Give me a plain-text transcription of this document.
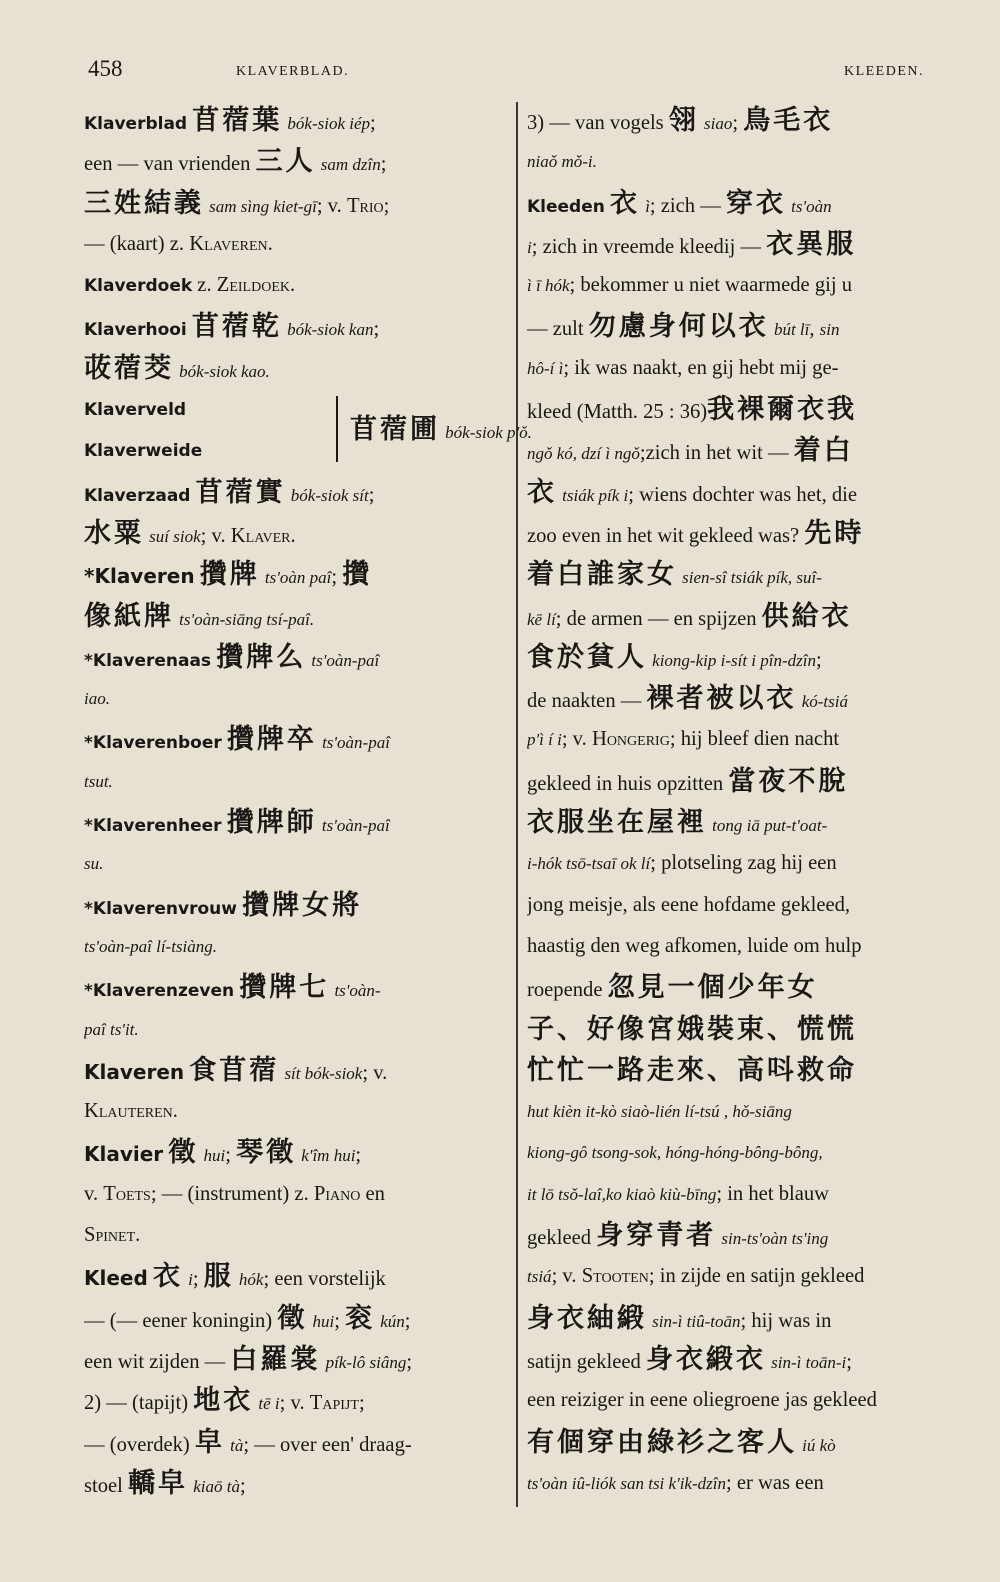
458	KLAVERBLAD.	KLEEDEN.
Klaverblad 苜蓿葉 bók-siok iép;
een — van vrienden 三人 sam dzîn;
三姓結義 sam sìng kiet-gī; v. Trio;
— (kaart) z. Klaveren.
Klaverdoek z. Zeildoek.
Klaverhooi 苜蓿乾 bók-siok kan;
荍蓿茭 bók-siok kao.
Klaverveld
Klaverweide
苜蓿圃 bók-siok p'ǒ.
Klaverzaad 苜蓿實 bók-siok sít;
水粟 suí siok; v. Klaver.
*Klaveren 攢牌 ts'oàn paî; 攢
像紙牌 ts'oàn-siāng tsí-paî.
*Klaverenaas 攢牌么 ts'oàn-paî
iao.
*Klaverenboer 攢牌卒 ts'oàn-paî
tsut.
*Klaverenheer 攢牌師 ts'oàn-paî
su.
*Klaverenvrouw 攢牌女將
ts'oàn-paî lí-tsiàng.
*Klaverenzeven 攢牌七 ts'oàn-
paî ts'it.
Klaveren 食苜蓿 sít bók-siok; v.
Klauteren.
Klavier 徵 hui; 琴徵 k'îm hui;
v. Toets; — (instrument) z. Piano en
Spinet.
Kleed 衣 i; 服 hók; een vorstelijk
— (— eener koningin) 徵 hui; 衮 kún;
een wit zijden — 白羅裳 pík-lô siâng;
2) — (tapijt) 地衣 tē i; v. Tapijt;
— (overdek) 皁 tà; — over een' draag-
stoel 轎皁 kiaō tà;
3) — van vogels 翎 siao; 鳥毛衣
niaǒ mǒ-i.
Kleeden 衣 ì; zich — 穿衣 ts'oàn
i; zich in vreemde kleedij — 衣異服
ì ī hók; bekommer u niet waarmede gij u
— zult 勿慮身何以衣 bút lī, sin
hô-í ì; ik was naakt, en gij hebt mij ge-
kleed (Matth. 25 : 36)我裸爾衣我
ngǒ kó, dzí ì ngǒ;zich in het wit — 着白
衣 tsiák pík i; wiens dochter was het, die
zoo even in het wit gekleed was? 先時
着白誰家女 sien-sî tsiák pík, suî-
kē lí; de armen — en spijzen 供給衣
食於貧人 kiong-kip i-sít i pîn-dzîn;
de naakten — 裸者被以衣 kó-tsiá
p'ì í i; v. Hongerig; hij bleef dien nacht
gekleed in huis opzitten 當夜不脫
衣服坐在屋裡 tong iā put-t'oat-
i-hók tsō-tsaī ok lí; plotseling zag hij een
jong meisje, als eene hofdame gekleed,
haastig den weg afkomen, luide om hulp
roepende 忽見一個少年女
子、好像宮娥裝束、慌慌
忙忙一路走來、高呌救命
hut kièn it-kò siaò-lién lí-tsú , hǒ-siāng
kiong-gô tsong-sok, hóng-hóng-bông-bông,
it lō tsǒ-laî,ko kiaò kiù-bīng; in het blauw
gekleed 身穿青者 sin-ts'oàn ts'ing
tsiá; v. Stooten; in zijde en satijn gekleed
身衣紬緞 sin-ì tiû-toān; hij was in
satijn gekleed 身衣緞衣 sin-ì toān-i;
een reiziger in eene oliegroene jas gekleed
有個穿由綠衫之客人 iú kò
ts'oàn iû-liók san tsi k'ik-dzîn; er was een
